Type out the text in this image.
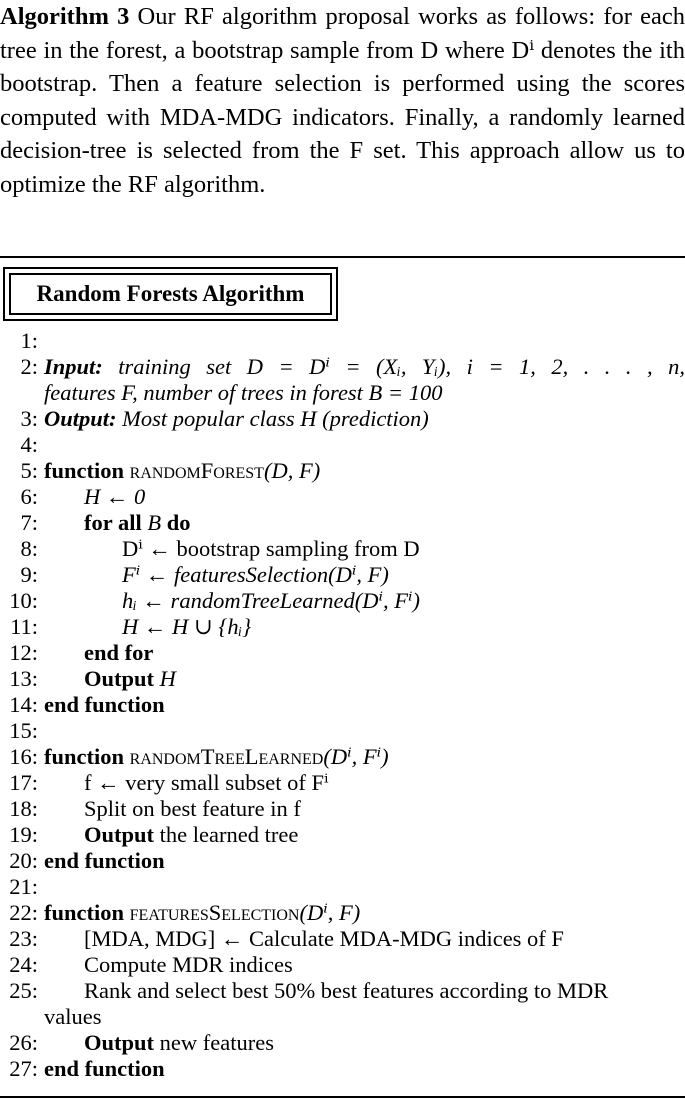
Algorithm 3 Our RF algorithm proposal works as follows: for each tree in the forest, a bootstrap sample from D where Dⁱ denotes the ith bootstrap. Then a feature selection is performed using the scores computed with MDA-MDG indicators. Finally, a randomly learned decision-tree is selected from the F set. This approach allow us to optimize the RF algorithm.
Random Forests Algorithm
1:
2: Input: training set D = Dⁱ = (Xᵢ, Yᵢ), i = 1, 2, . . . , n,
features F, number of trees in forest B = 100
3: Output: Most popular class H (prediction)
4:
5: function randomForest(D, F)
6: H ← 0
7: for all B do
8:	Dⁱ ← bootstrap sampling from D
9:	Fⁱ ← featuresSelection(Dⁱ, F)
10:	hᵢ ← randomTreeLearned(Dⁱ, Fⁱ)
11:	H ← H ∪ {hᵢ}
12: end for
13: Output H
14: end function
15:
16: function randomTreeLearned(Dⁱ, Fⁱ)
17: f ← very small subset of Fⁱ
18: Split on best feature in f
19: Output the learned tree
20: end function
21:
22: function featuresSelection(Dⁱ, F)
23: [MDA, MDG] ← Calculate MDA-MDG indices of F
24: Compute MDR indices
25: Rank and select best 50% best features according to MDR
values
26: Output new features
27: end function
